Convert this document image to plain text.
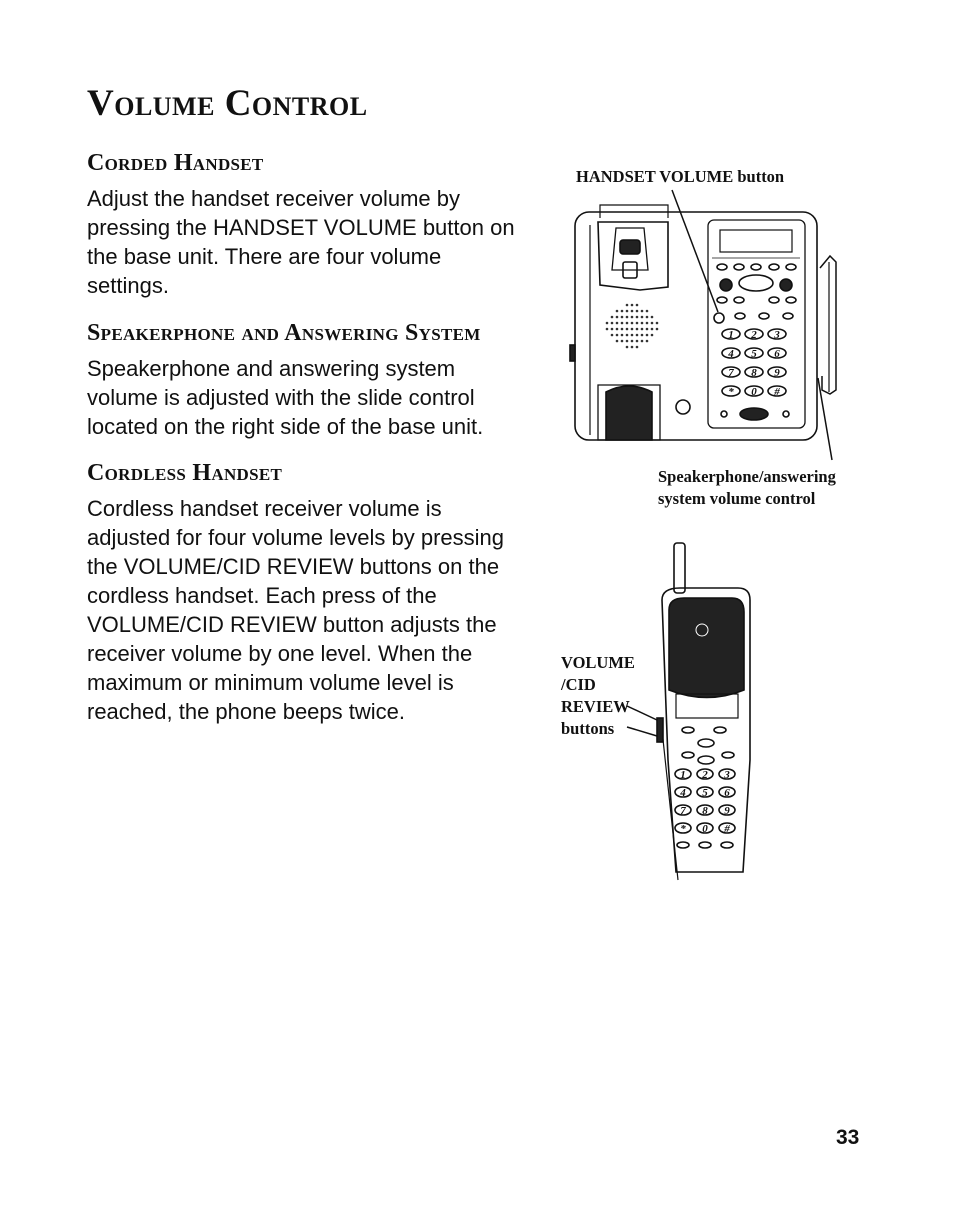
Volume Control
Corded Handset

Adjust the handset receiver volume by
pressing the HANDSET VOLUME button on
the base unit. There are four volume
settings.

Speakerphone and Answering System

Speakerphone and answering system
volume is adjusted with the slide control
located on the right side of the base unit.

Cordless Handset

Cordless handset receiver volume is
adjusted for four volume levels by pressing
the VOLUME/CID REVIEW buttons on the
cordless handset. Each press of the
VOLUME/CID REVIEW button adjusts the
receiver volume by one level. When the
maximum or minimum volume level is
reached, the phone beeps twice.

HANDSET VOLUME button
Speakerphone/answering
system volume control
VOLUME
/CID
REVIEW
buttons
1 2 3
4 5 6
7 8 9
* 0 #
1 2 3
4 5 6
7 8 9
* 0 #
33
